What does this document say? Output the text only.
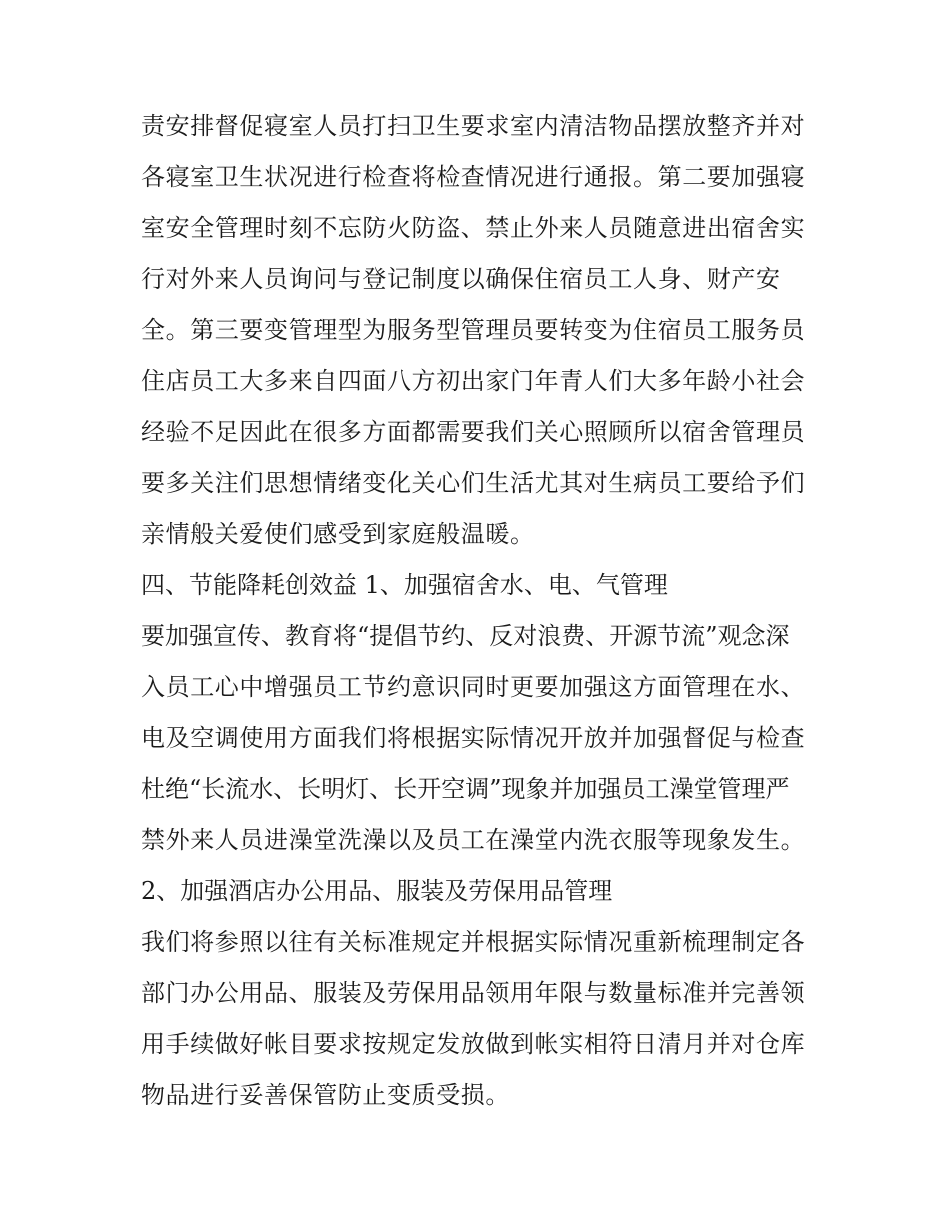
责安排督促寝室人员打扫卫生要求室内清洁物品摆放整齐并对
各寝室卫生状况进行检查将检查情况进行通报。第二要加强寝
室安全管理时刻不忘防火防盗、禁止外来人员随意进出宿舍实
行对外来人员询问与登记制度以确保住宿员工人身、财产安
全。第三要变管理型为服务型管理员要转变为住宿员工服务员
住店员工大多来自四面八方初出家门年青人们大多年龄小社会
经验不足因此在很多方面都需要我们关心照顾所以宿舍管理员
要多关注们思想情绪变化关心们生活尤其对生病员工要给予们
亲情般关爱使们感受到家庭般温暖。
四、节能降耗创效益 1、加强宿舍水、电、气管理
要加强宣传、教育将“提倡节约、反对浪费、开源节流”观念深
入员工心中增强员工节约意识同时更要加强这方面管理在水、
电及空调使用方面我们将根据实际情况开放并加强督促与检查
杜绝“长流水、长明灯、长开空调”现象并加强员工澡堂管理严
禁外来人员进澡堂洗澡以及员工在澡堂内洗衣服等现象发生。
2、加强酒店办公用品、服装及劳保用品管理
我们将参照以往有关标准规定并根据实际情况重新梳理制定各
部门办公用品、服装及劳保用品领用年限与数量标准并完善领
用手续做好帐目要求按规定发放做到帐实相符日清月并对仓库
物品进行妥善保管防止变质受损。
